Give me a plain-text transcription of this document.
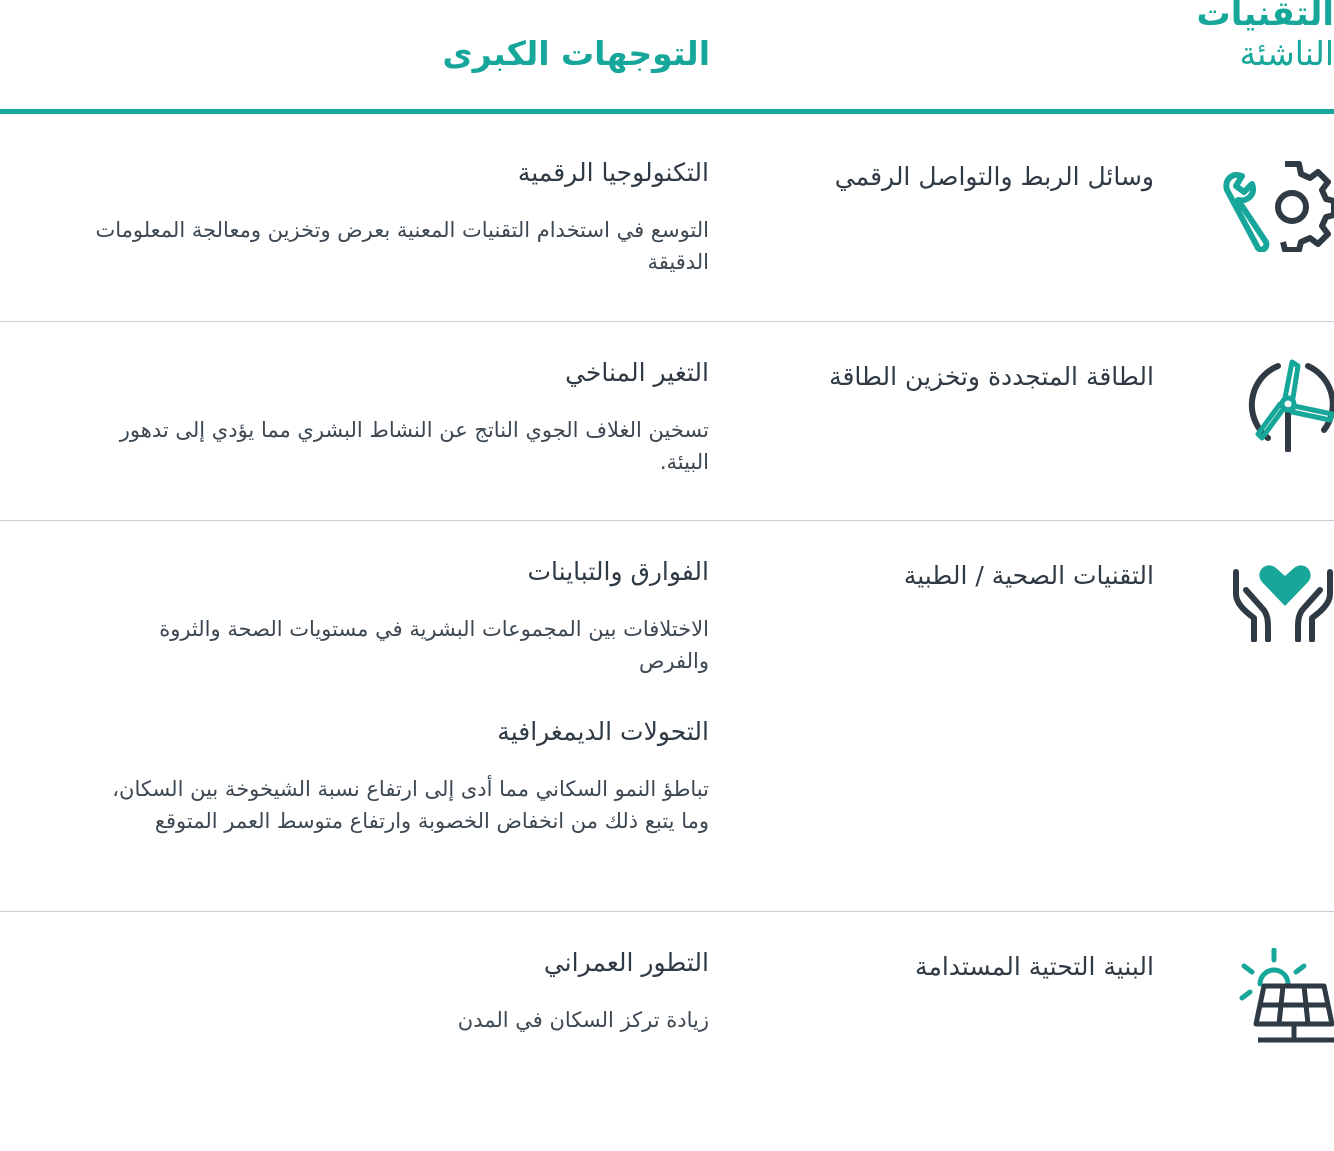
التقنيات
الناشئة
التوجهات الكبرى
وسائل الربط والتواصل الرقمي
التكنولوجيا الرقمية
التوسع في استخدام التقنيات المعنية بعرض وتخزين ومعالجة المعلومات الدقيقة
الطاقة المتجددة وتخزين الطاقة
التغير المناخي
تسخين الغلاف الجوي الناتج عن النشاط البشري مما يؤدي إلى تدهور البيئة.
التقنيات الصحية / الطبية
الفوارق والتباينات
الاختلافات بين المجموعات البشرية في مستويات الصحة والثروة والفرص
التحولات الديمغرافية
تباطؤ النمو السكاني مما أدى إلى ارتفاع نسبة الشيخوخة بين السكان، وما يتبع ذلك من انخفاض الخصوبة وارتفاع متوسط العمر المتوقع
البنية التحتية المستدامة
التطور العمراني
زيادة تركز السكان في المدن
